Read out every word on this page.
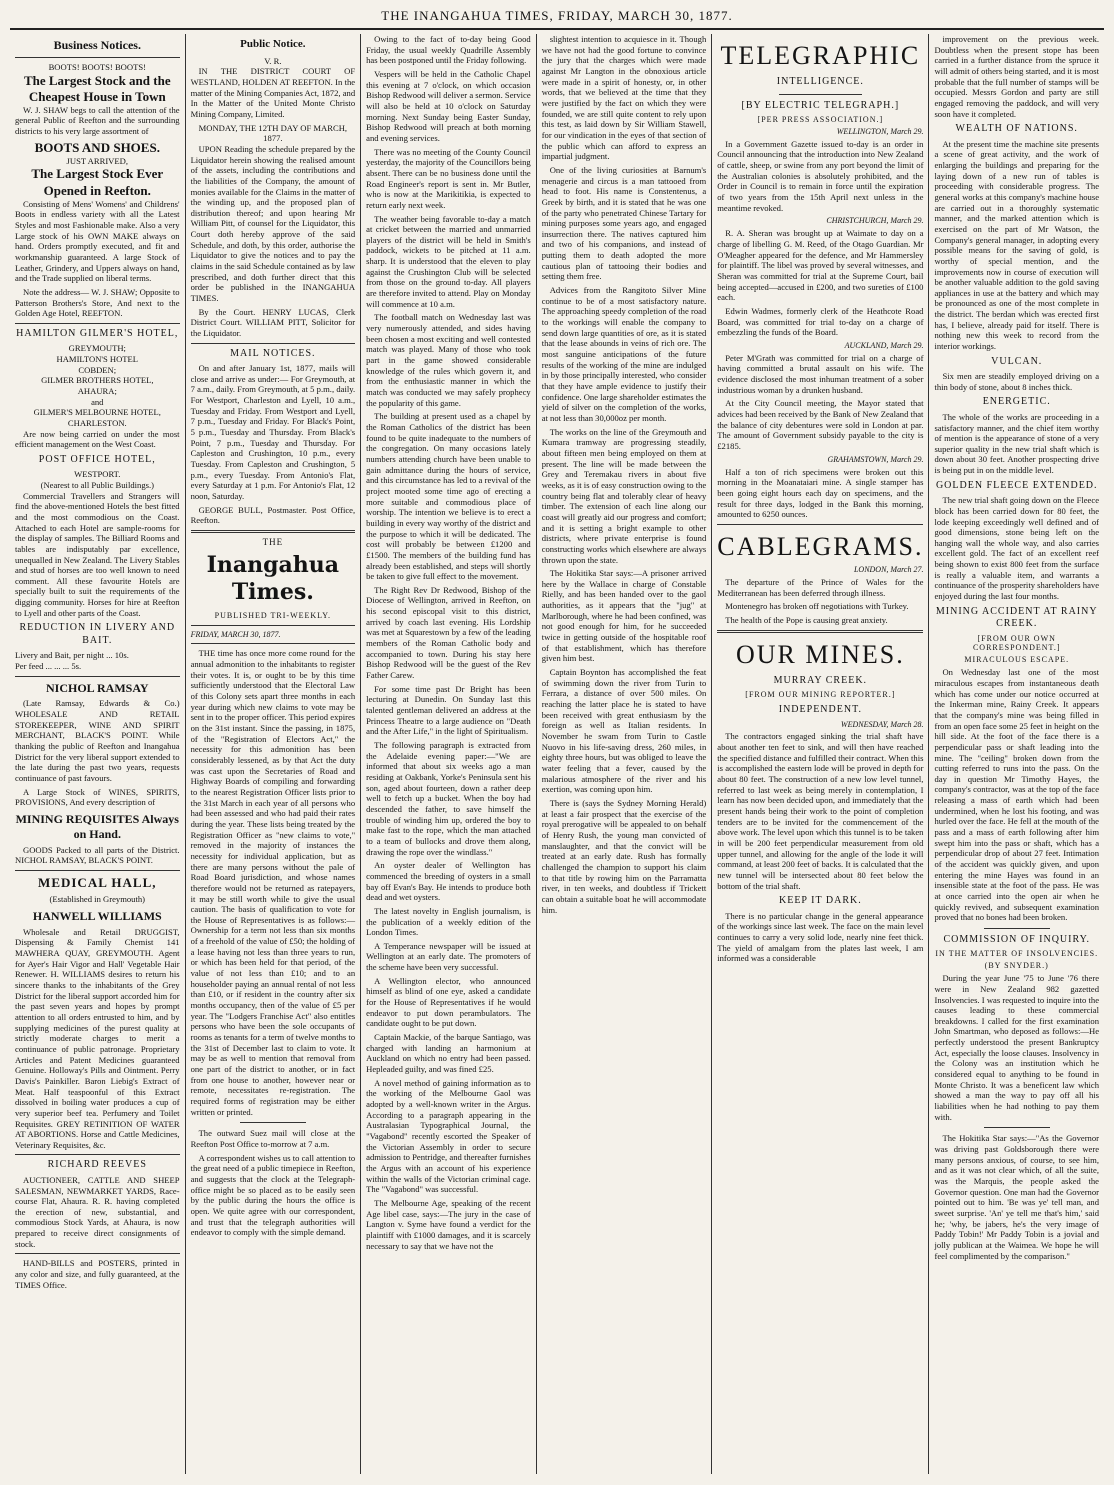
THE INANGAHUA TIMES, FRIDAY, MARCH 30, 1877.
Business Notices.
BOOTS! BOOTS! BOOTS!
The Largest Stock and the Cheapest House in Town

W. J. SHAW begs to call the attention of the general Public of Reefton and the surrounding districts to his very large assortment of

BOOTS AND SHOES.
JUST ARRIVED,
The Largest Stock Ever Opened in Reefton.

Consisting of Mens' Womens' and Childrens' Boots in endless variety with all the Latest Styles and most Fashionable make. Also a very Large stock of his OWN MAKE always on hand. Orders promptly executed, and fit and workmanship guaranteed. A large Stock of Leather, Grindery, and Uppers always on hand, and the Trade supplied on liberal terms.

Note the address— W. J. SHAW; Opposite to Patterson Brothers's Store, And next to the Golden Age Hotel, REEFTON.

HAMILTON GILMER'S HOTEL,
GREYMOUTH;
HAMILTON'S HOTEL
COBDEN;
GILMER BROTHERS HOTEL,
AHAURA;
and
GILMER'S MELBOURNE HOTEL,
CHARLESTON.

Are now being carried on under the most efficient management on the West Coast.

POST OFFICE HOTEL,
WESTPORT.
(Nearest to all Public Buildings.)

Commercial Travellers and Strangers will find the above-mentioned Hotels the best fitted and the most commodious on the Coast. Attached to each Hotel are sample-rooms for the display of samples. The Billiard Rooms and tables are indisputably par excellence, unequalled in New Zealand. The Livery Stables and stud of horses are too well known to need comment. All these favourite Hotels are specially built to suit the requirements of the digging community. Horses for hire at Reefton to Lyell and other parts of the Coast.

REDUCTION IN LIVERY AND BAIT.
Livery and Bait, per night ... 10s.
Per feed ... ... ... 5s.
NICHOL RAMSAY

(Late Ramsay, Edwards & Co.) WHOLESALE AND RETAIL STOREKEEPER, WINE AND SPIRIT MERCHANT, BLACK'S POINT. While thanking the public of Reefton and Inangahua District for the very liberal support extended to the late during the past two years, requests continuance of past favours.

A Large Stock of WINES, SPIRITS, PROVISIONS, And every description of

MINING REQUISITES Always on Hand.

GOODS Packed to all parts of the District. NICHOL RAMSAY, BLACK'S POINT.

MEDICAL HALL,
(Established in Greymouth)
HANWELL WILLIAMS

Wholesale and Retail DRUGGIST, Dispensing & Family Chemist 141 MAWHERA QUAY, GREYMOUTH. Agent for Ayer's Hair Vigor and Hall' Vegetable Hair Renewer. H. WILLIAMS desires to return his sincere thanks to the inhabitants of the Grey District for the liberal support accorded him for the past seven years and hopes by prompt attention to all orders entrusted to him, and by supplying medicines of the purest quality at strictly moderate charges to merit a continuance of public patronage. Proprietary Articles and Patent Medicines guaranteed Genuine. Holloway's Pills and Ointment. Perry Davis's Painkiller. Baron Liebig's Extract of Meat. Half teaspoonful of this Extract dissolved in boiling water produces a cup of very superior beef tea. Perfumery and Toilet Requisites. GREY RETINITION OF WATER AT ABORTIONS. Horse and Cattle Medicines, Veterinary Requisites, &c.

RICHARD REEVES

AUCTIONEER, CATTLE AND SHEEP SALESMAN, NEWMARKET YARDS, Race-course Flat, Ahaura. R. R. having completed the erection of new, substantial, and commodious Stock Yards, at Ahaura, is now prepared to receive direct consignments of stock.

HAND-BILLS and POSTERS, printed in any color and size, and fully guaranteed, at the TIMES Office.

Public Notice.
V. R.

IN THE DISTRICT COURT OF WESTLAND, HOLDEN AT REEFTON. In the matter of the Mining Companies Act, 1872, and In the Matter of the United Monte Christo Mining Company, Limited.

MONDAY, THE 12TH DAY OF MARCH, 1877.

UPON Reading the schedule prepared by the Liquidator herein showing the realised amount of the assets, including the contributions and the liabilities of the Company, the amount of monies available for the Claims in the matter of the winding up, and the proposed plan of distribution thereof; and upon hearing Mr William Pitt, of counsel for the Liquidator, this Court doth hereby approve of the said Schedule, and doth, by this order, authorise the Liquidator to give the notices and to pay the claims in the said Schedule contained as by law prescribed, and doth further direct that this order be published in the INANGAHUA TIMES.

By the Court. HENRY LUCAS, Clerk District Court. WILLIAM PITT, Solicitor for the Liquidator.

MAIL NOTICES.

On and after January 1st, 1877, mails will close and arrive as under:— For Greymouth, at 7 a.m., daily. From Greymouth, at 5 p.m., daily. For Westport, Charleston and Lyell, 10 a.m., Tuesday and Friday. From Westport and Lyell, 7 p.m., Tuesday and Friday. For Black's Point, 5 p.m., Tuesday and Thursday. From Black's Point, 7 p.m., Tuesday and Thursday. For Capleston and Crushington, 10 p.m., every Tuesday. From Capleston and Crushington, 5 p.m., every Tuesday. From Antonio's Flat, every Saturday at 1 p.m. For Antonio's Flat, 12 noon, Saturday.

GEORGE BULL, Postmaster. Post Office, Reefton.

THE
Inangahua Times.
PUBLISHED TRI-WEEKLY.
FRIDAY, MARCH 30, 1877.

THE time has once more come round for the annual admonition to the inhabitants to register their votes. It is, or ought to be by this time sufficiently understood that the Electoral Law of this Colony sets apart three months in each year during which new claims to vote may be sent in to the proper officer. This period expires on the 31st instant. Since the passing, in 1875, of the "Registration of Electors Act," the necessity for this admonition has been considerably lessened, as by that Act the duty was cast upon the Secretaries of Road and Highway Boards of compiling and forwarding to the nearest Registration Officer lists prior to the 31st March in each year of all persons who had been assessed and who had paid their rates during the year. These lists being treated by the Registration Officer as "new claims to vote," removed in the majority of instances the necessity for individual application, but as there are many persons without the pale of Road Board jurisdiction, and whose names therefore would not be returned as ratepayers, it may be still worth while to give the usual caution. The basis of qualification to vote for the House of Representatives is as follows:—Ownership for a term not less than six months of a freehold of the value of £50; the holding of a lease having not less than three years to run, or which has been held for that period, of the value of not less than £10; and to an householder paying an annual rental of not less than £10, or if resident in the country after six months occupancy, then of the value of £5 per year. The "Lodgers Franchise Act" also entitles persons who have been the sole occupants of rooms as tenants for a term of twelve months to the 31st of December last to claim to vote. It may be as well to mention that removal from one part of the district to another, or in fact from one house to another, however near or remote, necessitates re-registration. The required forms of registration may be either written or printed.

The outward Suez mail will close at the Reefton Post Office to-morrow at 7 a.m.

A correspondent wishes us to call attention to the great need of a public timepiece in Reefton, and suggests that the clock at the Telegraph-office might be so placed as to be easily seen by the public during the hours the office is open. We quite agree with our correspondent, and trust that the telegraph authorities will endeavor to comply with the simple demand.

Owing to the fact of to-day being Good Friday, the usual weekly Quadrille Assembly has been postponed until the Friday following.

Vespers will be held in the Catholic Chapel this evening at 7 o'clock, on which occasion Bishop Redwood will deliver a sermon. Service will also be held at 10 o'clock on Saturday morning. Next Sunday being Easter Sunday, Bishop Redwood will preach at both morning and evening services.

There was no meeting of the County Council yesterday, the majority of the Councillors being absent. There can be no business done until the Road Engineer's report is sent in. Mr Butler, who is now at the Marikitikia, is expected to return early next week.

The weather being favorable to-day a match at cricket between the married and unmarried players of the district will be held in Smith's paddock, wickets to be pitched at 11 a.m. sharp. It is understood that the eleven to play against the Crushington Club will be selected from those on the ground to-day. All players are therefore invited to attend. Play on Monday will commence at 10 a.m.

The football match on Wednesday last was very numerously attended, and sides having been chosen a most exciting and well contested match was played. Many of those who took part in the game showed considerable knowledge of the rules which govern it, and from the enthusiastic manner in which the match was conducted we may safely prophecy the popularity of this game.

The building at present used as a chapel by the Roman Catholics of the district has been found to be quite inadequate to the numbers of the congregation. On many occasions lately numbers attending church have been unable to gain admittance during the hours of service, and this circumstance has led to a revival of the project mooted some time ago of erecting a more suitable and commodious place of worship. The intention we believe is to erect a building in every way worthy of the district and the purpose to which it will be dedicated. The cost will probably be between £1200 and £1500. The members of the building fund has already been established, and steps will shortly be taken to give full effect to the movement.

The Right Rev Dr Redwood, Bishop of the Diocese of Wellington, arrived in Reefton, on his second episcopal visit to this district, arrived by coach last evening. His Lordship was met at Squarestown by a few of the leading members of the Roman Catholic body and accompanied to town. During his stay here Bishop Redwood will be the guest of the Rev Father Carew.

For some time past Dr Bright has been lecturing at Dunedin. On Sunday last this talented gentleman delivered an address at the Princess Theatre to a large audience on "Death and the After Life," in the light of Spiritualism.

The following paragraph is extracted from the Adelaide evening paper:—"We are informed that about six weeks ago a man residing at Oakbank, Yorke's Peninsula sent his son, aged about fourteen, down a rather deep well to fetch up a bucket. When the boy had descended the father, to save himself the trouble of winding him up, ordered the boy to make fast to the rope, which the man attached to a team of bullocks and drove them along, drawing the rope over the windlass."

An oyster dealer of Wellington has commenced the breeding of oysters in a small bay off Evan's Bay. He intends to produce both dead and wet oysters.

The latest novelty in English journalism, is the publication of a weekly edition of the London Times.

A Temperance newspaper will be issued at Wellington at an early date. The promoters of the scheme have been very successful.

A Wellington elector, who announced himself as blind of one eye, asked a candidate for the House of Representatives if he would endeavor to put down perambulators. The candidate ought to be put down.

Captain Mackie, of the barque Santiago, was charged with landing an harmonium at Auckland on which no entry had been passed. Hepleaded guilty, and was fined £25.

A novel method of gaining information as to the working of the Melbourne Gaol was adopted by a well-known writer in the Argus. According to a paragraph appearing in the Australasian Typographical Journal, the "Vagabond" recently escorted the Speaker of the Victorian Assembly in order to secure admission to Pentridge, and thereafter furnishes the Argus with an account of his experience within the walls of the Victorian criminal cage. The "Vagabond" was successful.

The Melbourne Age, speaking of the recent Age libel case, says:—The jury in the case of Langton v. Syme have found a verdict for the plaintiff with £1000 damages, and it is scarcely necessary to say that we have not the

slightest intention to acquiesce in it. Though we have not had the good fortune to convince the jury that the charges which were made against Mr Langton in the obnoxious article were made in a spirit of honesty, or, in other words, that we believed at the time that they were justified by the fact on which they were founded, we are still quite content to rely upon this test, as laid down by Sir William Stawell, for our vindication in the eyes of that section of the public which can afford to express an impartial judgment.

One of the living curiosities at Barnum's menagerie and circus is a man tattooed from head to foot. His name is Constentenus, a Greek by birth, and it is stated that he was one of the party who penetrated Chinese Tartary for mining purposes some years ago, and engaged insurrection there. The natives captured him and two of his companions, and instead of putting them to death adopted the more cautious plan of tattooing their bodies and setting them free.

Advices from the Rangitoto Silver Mine continue to be of a most satisfactory nature. The approaching speedy completion of the road to the workings will enable the company to send down large quantities of ore, as it is stated that the lease abounds in veins of rich ore. The most sanguine anticipations of the future results of the working of the mine are indulged in by those principally interested, who consider that they have ample evidence to justify their confidence. One large shareholder estimates the yield of silver on the completion of the works, at not less than 30,000oz per month.

The works on the line of the Greymouth and Kumara tramway are progressing steadily, about fifteen men being employed on them at present. The line will be made between the Grey and Teremakau rivers in about five weeks, as it is of easy construction owing to the country being flat and tolerably clear of heavy timber. The extension of each line along our coast will greatly aid our progress and comfort; and it is setting a bright example to other districts, where private enterprise is found constructing works which elsewhere are always thrown upon the state.

The Hokitika Star says:—A prisoner arrived here by the Wallace in charge of Constable Rielly, and has been handed over to the gaol authorities, as it appears that the "jug" at Marlborough, where he had been confined, was not good enough for him, for he succeeded twice in getting outside of the hospitable roof of that establishment, which has therefore given him best.

Captain Boynton has accomplished the feat of swimming down the river from Turin to Ferrara, a distance of over 500 miles. On reaching the latter place he is stated to have been received with great enthusiasm by the foreign as well as Italian residents. In November he swam from Turin to Castle Nuovo in his life-saving dress, 260 miles, in eighty three hours, but was obliged to leave the water feeling that a fever, caused by the malarious atmosphere of the river and his exertion, was coming upon him.

There is (says the Sydney Morning Herald) at least a fair prospect that the exercise of the royal prerogative will be appealed to on behalf of Henry Rush, the young man convicted of manslaughter, and that the convict will be treated at an early date. Rush has formally challenged the champion to support his claim to that title by rowing him on the Parramatta river, in ten weeks, and doubtless if Trickett can obtain a suitable boat he will accommodate him.

TELEGRAPHIC
INTELLIGENCE.
[BY ELECTRIC TELEGRAPH.]
[PER PRESS ASSOCIATION.]
WELLINGTON, March 29.

In a Government Gazette issued to-day is an order in Council announcing that the introduction into New Zealand of cattle, sheep, or swine from any port beyond the limit of the Australian colonies is absolutely prohibited, and the Order in Council is to remain in force until the expiration of two years from the 15th April next unless in the meantime revoked.

CHRISTCHURCH, March 29.

R. A. Sheran was brought up at Waimate to day on a charge of libelling G. M. Reed, of the Otago Guardian. Mr O'Meagher appeared for the defence, and Mr Hammersley for plaintiff. The libel was proved by several witnesses, and Sheran was committed for trial at the Supreme Court, bail being accepted—accused in £200, and two sureties of £100 each.

Edwin Wadmes, formerly clerk of the Heathcote Road Board, was committed for trial to-day on a charge of embezzling the funds of the Board.

AUCKLAND, March 29.

Peter M'Grath was committed for trial on a charge of having committed a brutal assault on his wife. The evidence disclosed the most inhuman treatment of a sober industrious woman by a drunken husband.

At the City Council meeting, the Mayor stated that advices had been received by the Bank of New Zealand that the balance of city debentures were sold in London at par. The amount of Government subsidy payable to the city is £2185.

GRAHAMSTOWN, March 29.

Half a ton of rich specimens were broken out this morning in the Moanataiari mine. A single stamper has been going eight hours each day on specimens, and the result for three days, lodged in the Bank this morning, amounted to 6250 ounces.

CABLEGRAMS.
LONDON, March 27.

The departure of the Prince of Wales for the Mediterranean has been deferred through illness.

Montenegro has broken off negotiations with Turkey.

The health of the Pope is causing great anxiety.

OUR MINES.
MURRAY CREEK.
[FROM OUR MINING REPORTER.]
INDEPENDENT.
WEDNESDAY, March 28.

The contractors engaged sinking the trial shaft have about another ten feet to sink, and will then have reached the specified distance and fulfilled their contract. When this is accomplished the eastern lode will be proved in depth for about 80 feet. The construction of a new low level tunnel, referred to last week as being merely in contemplation, I learn has now been decided upon, and immediately that the present hands being their work to the point of completion tenders are to be invited for the commencement of the above work. The level upon which this tunnel is to be taken in will be 200 feet perpendicular measurement from old upper tunnel, and allowing for the angle of the lode it will command, at least 200 feet of backs. It is calculated that the new tunnel will be intersected about 80 feet below the bottom of the trial shaft.

KEEP IT DARK.

There is no particular change in the general appearance of the workings since last week. The face on the main level continues to carry a very solid lode, nearly nine feet thick. The yield of amalgam from the plates last week, I am informed was a considerable

improvement on the previous week. Doubtless when the present stope has been carried in a further distance from the spruce it will admit of others being started, and it is most probable that the full number of stamps will be occupied. Messrs Gordon and party are still engaged removing the paddock, and will very soon have it completed.

WEALTH OF NATIONS.

At the present time the machine site presents a scene of great activity, and the work of enlarging the buildings and preparing for the laying down of a new run of tables is proceeding with considerable progress. The general works at this company's machine house are carried out in a thoroughly systematic manner, and the marked attention which is exercised on the part of Mr Watson, the Company's general manager, in adopting every possible means for the saving of gold, is worthy of special mention, and the improvements now in course of execution will be another valuable addition to the gold saving appliances in use at the battery and which may be pronounced as one of the most complete in the district. The berdan which was erected first has, I believe, already paid for itself. There is nothing new this week to record from the interior workings.

VULCAN.

Six men are steadily employed driving on a thin body of stone, about 8 inches thick.

ENERGETIC.

The whole of the works are proceeding in a satisfactory manner, and the chief item worthy of mention is the appearance of stone of a very superior quality in the new trial shaft which is down about 30 feet. Another prospecting drive is being put in on the middle level.

GOLDEN FLEECE EXTENDED.

The new trial shaft going down on the Fleece block has been carried down for 80 feet, the lode keeping exceedingly well defined and of good dimensions, stone being left on the hanging wall the whole way, and also carries excellent gold. The fact of an excellent reef being shown to exist 800 feet from the surface is really a valuable item, and warrants a continuance of the prosperity shareholders have enjoyed during the last four months.

MINING ACCIDENT AT RAINY CREEK.
[FROM OUR OWN CORRESPONDENT.]
MIRACULOUS ESCAPE.

On Wednesday last one of the most miraculous escapes from instantaneous death which has come under our notice occurred at the Inkerman mine, Rainy Creek. It appears that the company's mine was being filled in from an open face some 25 feet in height on the hill side. At the foot of the face there is a perpendicular pass or shaft leading into the mine. The "ceiling" broken down from the cutting referred to runs into the pass. On the day in question Mr Timothy Hayes, the company's contractor, was at the top of the face releasing a mass of earth which had been undermined, when he lost his footing, and was hurled over the face. He fell at the mouth of the pass and a mass of earth following after him swept him into the pass or shaft, which has a perpendicular drop of about 27 feet. Intimation of the accident was quickly given, and upon entering the mine Hayes was found in an insensible state at the foot of the pass. He was at once carried into the open air when he quickly revived, and subsequent examination proved that no bones had been broken.

COMMISSION OF INQUIRY.
IN THE MATTER OF INSOLVENCIES.
(BY SNYDER.)

During the year June '75 to June '76 there were in New Zealand 982 gazetted Insolvencies. I was requested to inquire into the causes leading to these commercial breakdowns. I called for the first examination John Smartman, who deposed as follows:—He perfectly understood the present Bankruptcy Act, especially the loose clauses. Insolvency in the Colony was an institution which he considered equal to anything to be found in Monte Christo. It was a beneficent law which showed a man the way to pay off all his liabilities when he had nothing to pay them with.

The Hokitika Star says:—"As the Governor was driving past Goldsborough there were many persons anxious, of course, to see him, and as it was not clear which, of all the suite, was the Marquis, the people asked the Governor question. One man had the Governor pointed out to him. 'Be was ye' tell man, and sweet surprise. 'An' ye tell me that's him,' said he; 'why, be jabers, he's the very image of Paddy Tobin!' Mr Paddy Tobin is a jovial and jolly publican at the Waimea. We hope he will feel complimented by the comparison."
